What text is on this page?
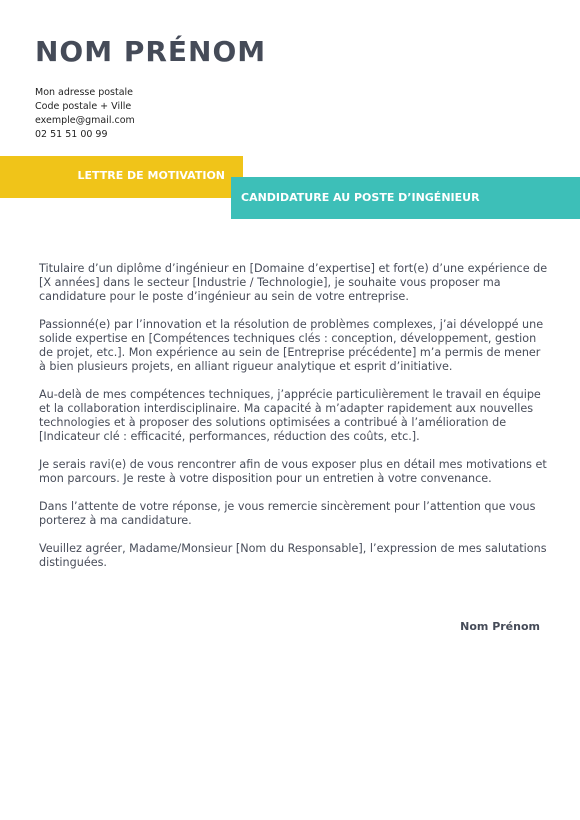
NOM PRÉNOM
Mon adresse postale
Code postale + Ville
exemple@gmail.com
02 51 51 00 99
LETTRE DE MOTIVATION
CANDIDATURE AU POSTE D’INGÉNIEUR

Titulaire d’un diplôme d’ingénieur en [Domaine d’expertise] et fort(e) d’une expérience de [X années] dans le secteur [Industrie / Technologie], je souhaite vous proposer ma candidature pour le poste d’ingénieur au sein de votre entreprise.

Passionné(e) par l’innovation et la résolution de problèmes complexes, j’ai développé une solide expertise en [Compétences techniques clés : conception, développement, gestion de projet, etc.]. Mon expérience au sein de [Entreprise précédente] m’a permis de mener à bien plusieurs projets, en alliant rigueur analytique et esprit d’initiative.

Au-delà de mes compétences techniques, j’apprécie particulièrement le travail en équipe et la collaboration interdisciplinaire. Ma capacité à m’adapter rapidement aux nouvelles technologies et à proposer des solutions optimisées a contribué à l’amélioration de [Indicateur clé : efficacité, performances, réduction des coûts, etc.].

Je serais ravi(e) de vous rencontrer afin de vous exposer plus en détail mes motivations et mon parcours. Je reste à votre disposition pour un entretien à votre convenance.

Dans l’attente de votre réponse, je vous remercie sincèrement pour l’attention que vous porterez à ma candidature.

Veuillez agréer, Madame/Monsieur [Nom du Responsable], l’expression de mes salutations distinguées.

Nom Prénom
